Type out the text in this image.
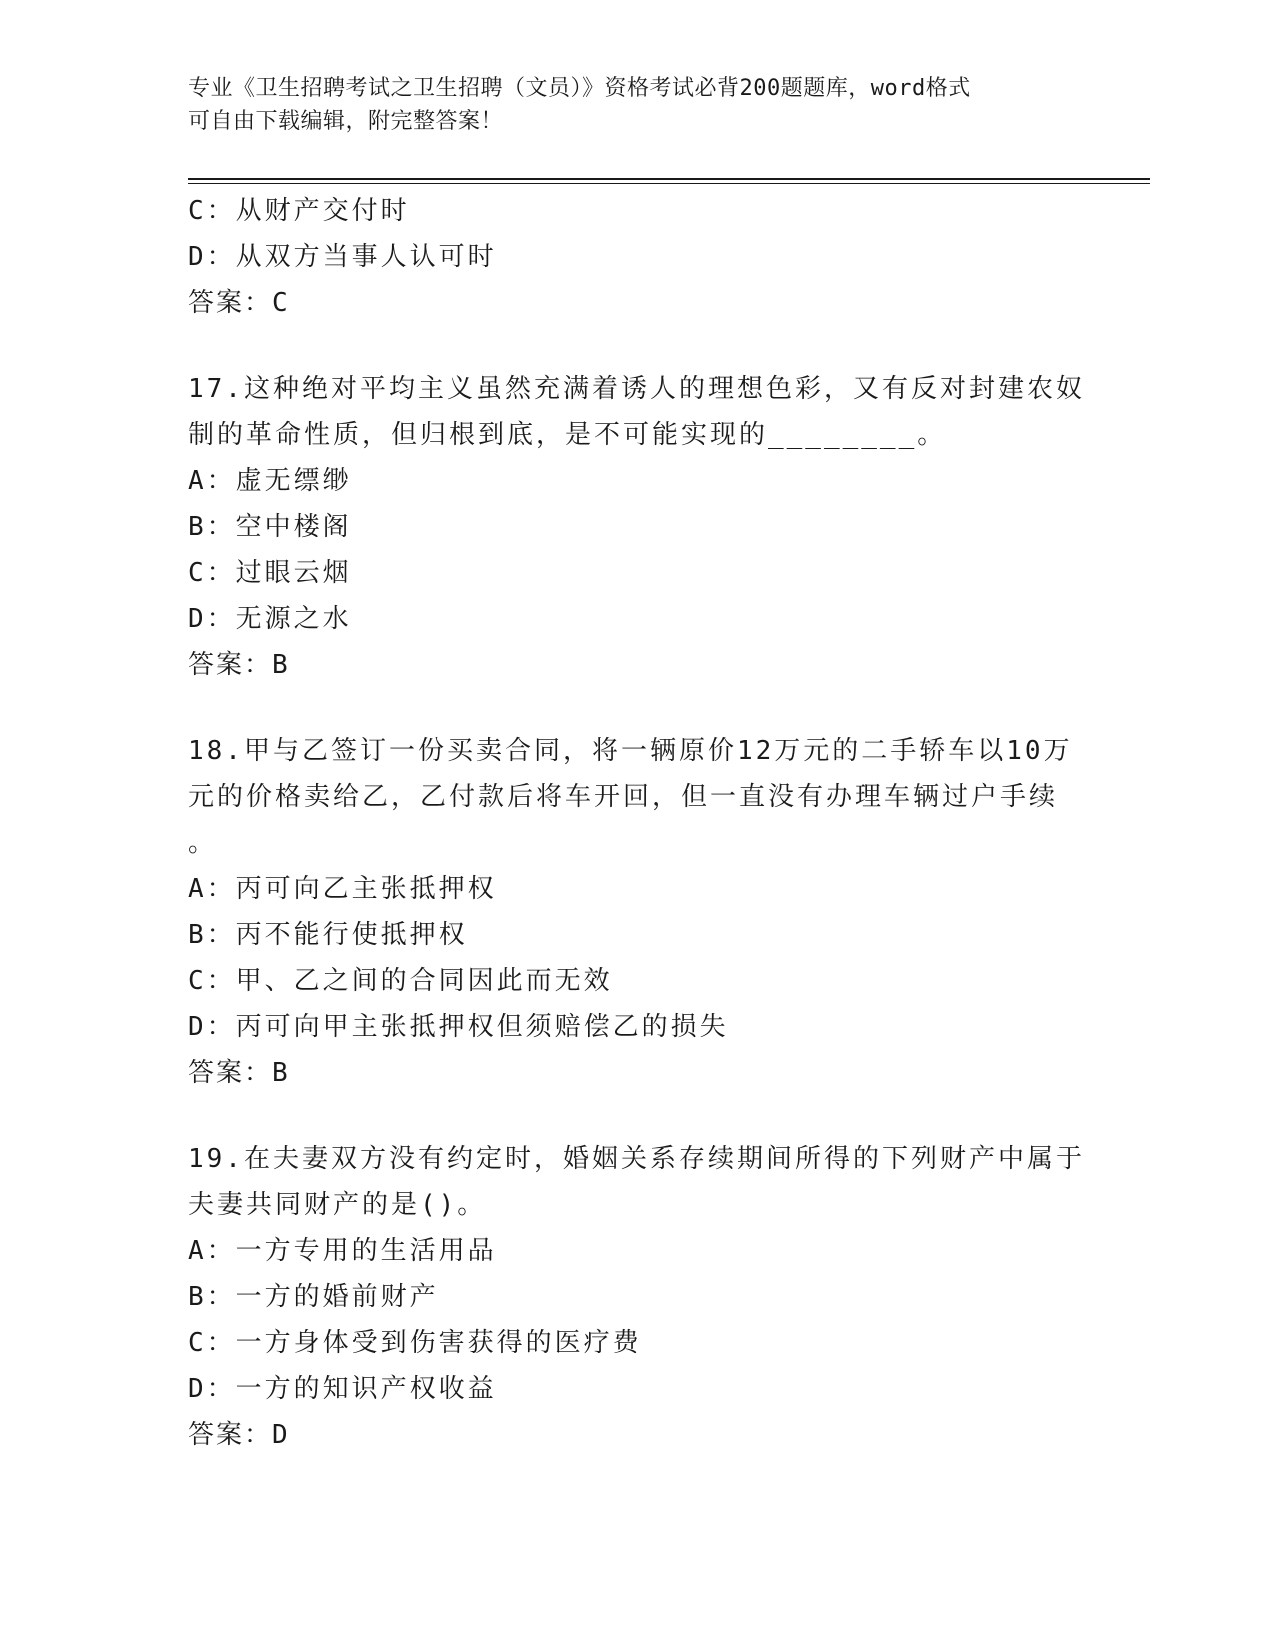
专业《卫生招聘考试之卫生招聘（文员）》资格考试必背200题题库，word格式
可自由下载编辑，附完整答案！
C：从财产交付时
D：从双方当事人认可时
答案：C
17.这种绝对平均主义虽然充满着诱人的理想色彩，又有反对封建农奴
制的革命性质，但归根到底，是不可能实现的________。
A：虚无缥缈
B：空中楼阁
C：过眼云烟
D：无源之水
答案：B
18.甲与乙签订一份买卖合同，将一辆原价12万元的二手轿车以10万
元的价格卖给乙，乙付款后将车开回，但一直没有办理车辆过户手续
。
A：丙可向乙主张抵押权
B：丙不能行使抵押权
C：甲、乙之间的合同因此而无效
D：丙可向甲主张抵押权但须赔偿乙的损失
答案：B
19.在夫妻双方没有约定时，婚姻关系存续期间所得的下列财产中属于
夫妻共同财产的是()。
A：一方专用的生活用品
B：一方的婚前财产
C：一方身体受到伤害获得的医疗费
D：一方的知识产权收益
答案：D
